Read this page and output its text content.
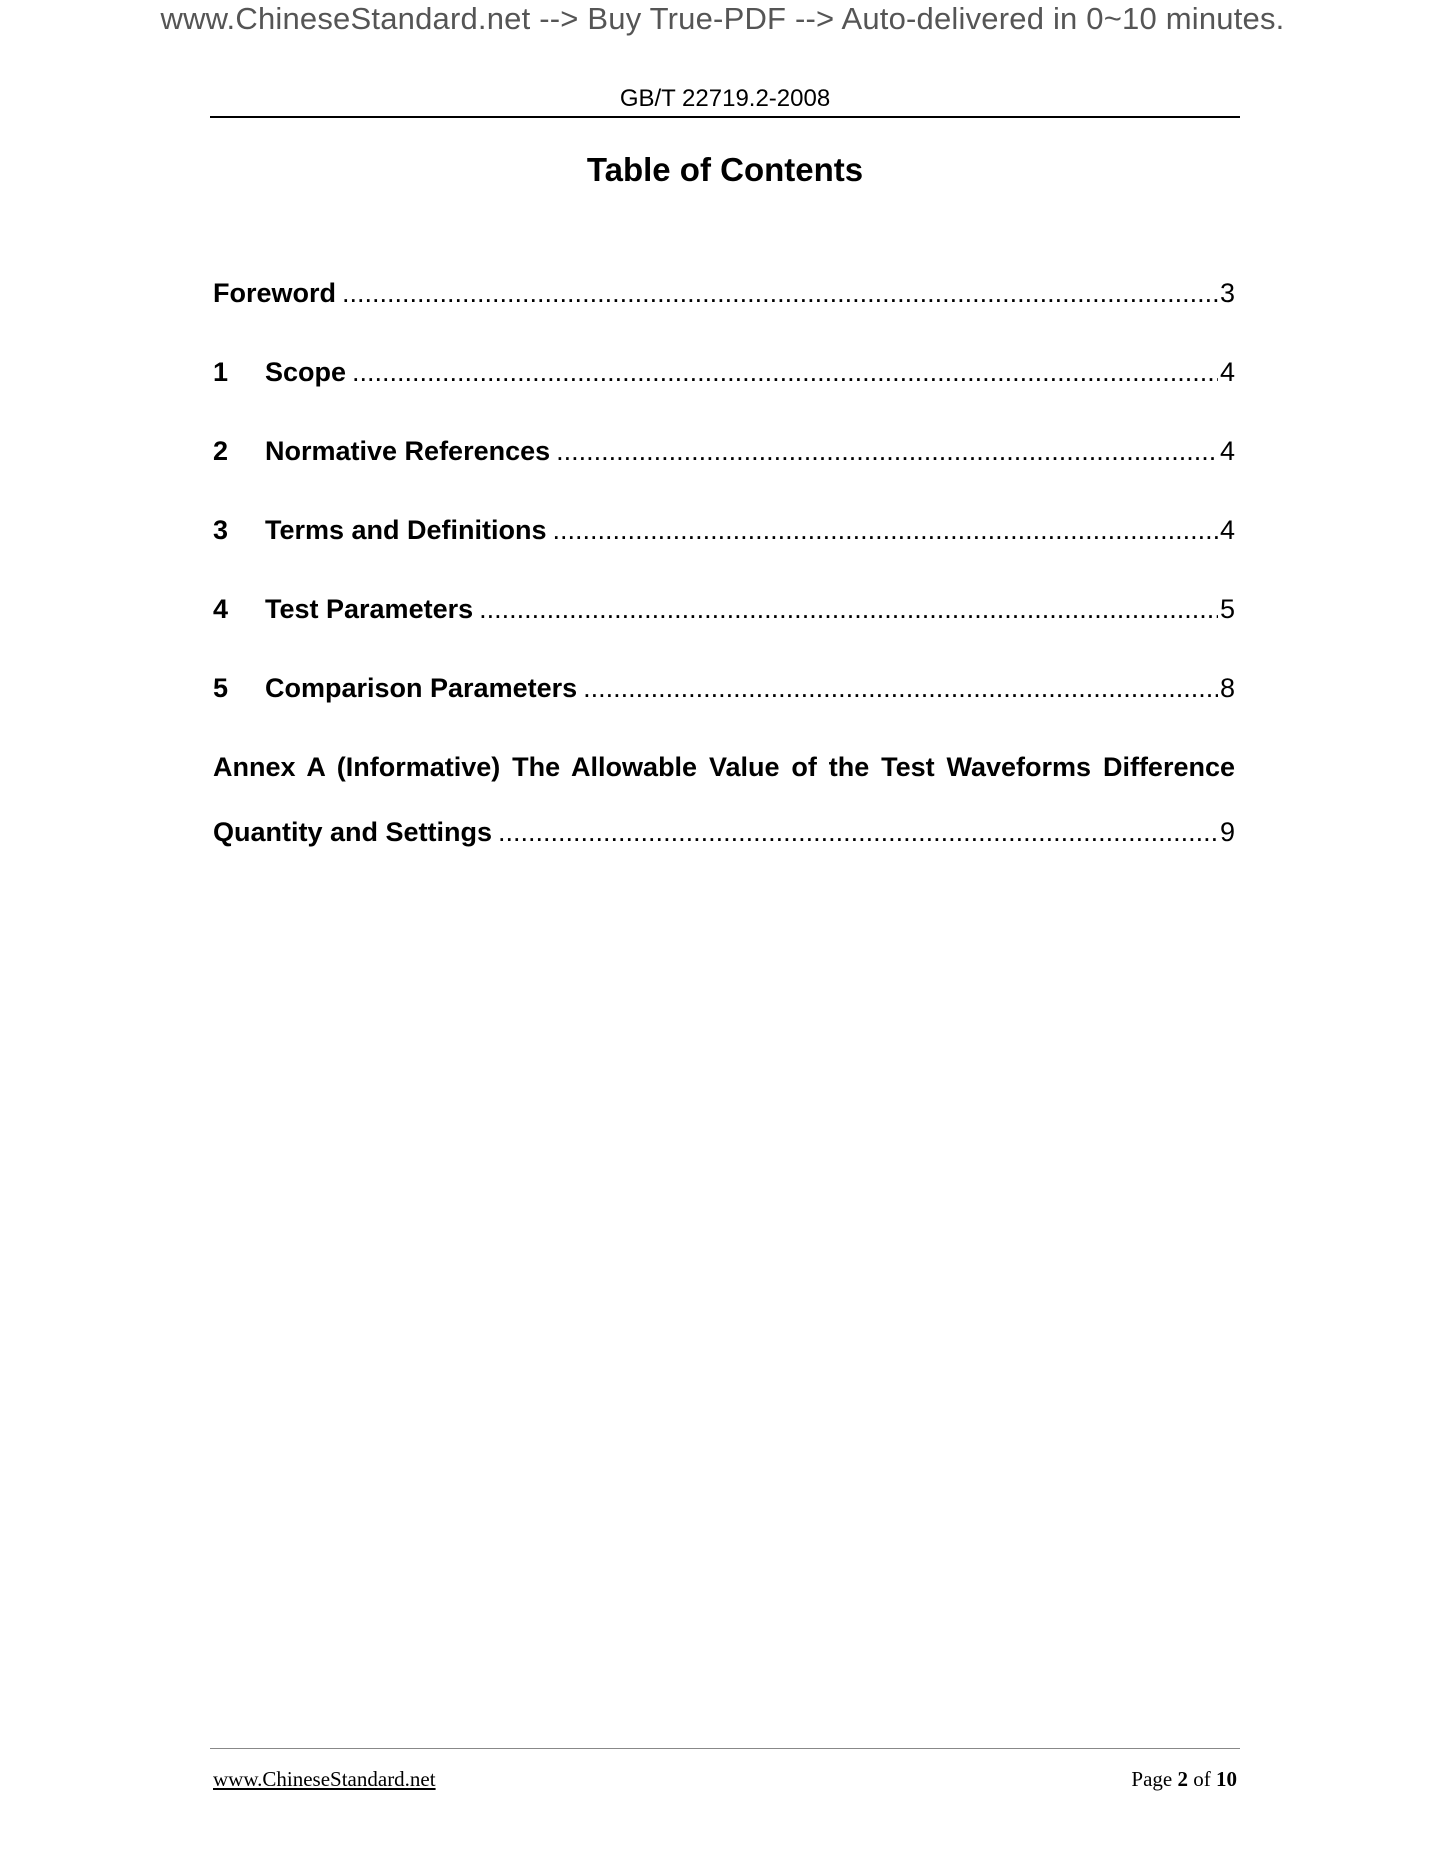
www.ChineseStandard.net --> Buy True-PDF --> Auto-delivered in 0~10 minutes.
GB/T 22719.2-2008
Table of Contents
Foreword .....	3
1	Scope .....	4
2	Normative References .....	4
3	Terms and Definitions .....	4
4	Test Parameters .....	5
5	Comparison Parameters .....	8
Annex A (Informative) The Allowable Value of the Test Waveforms Difference
Quantity and Settings .....	9
www.ChineseStandard.net	Page 2 of 10
